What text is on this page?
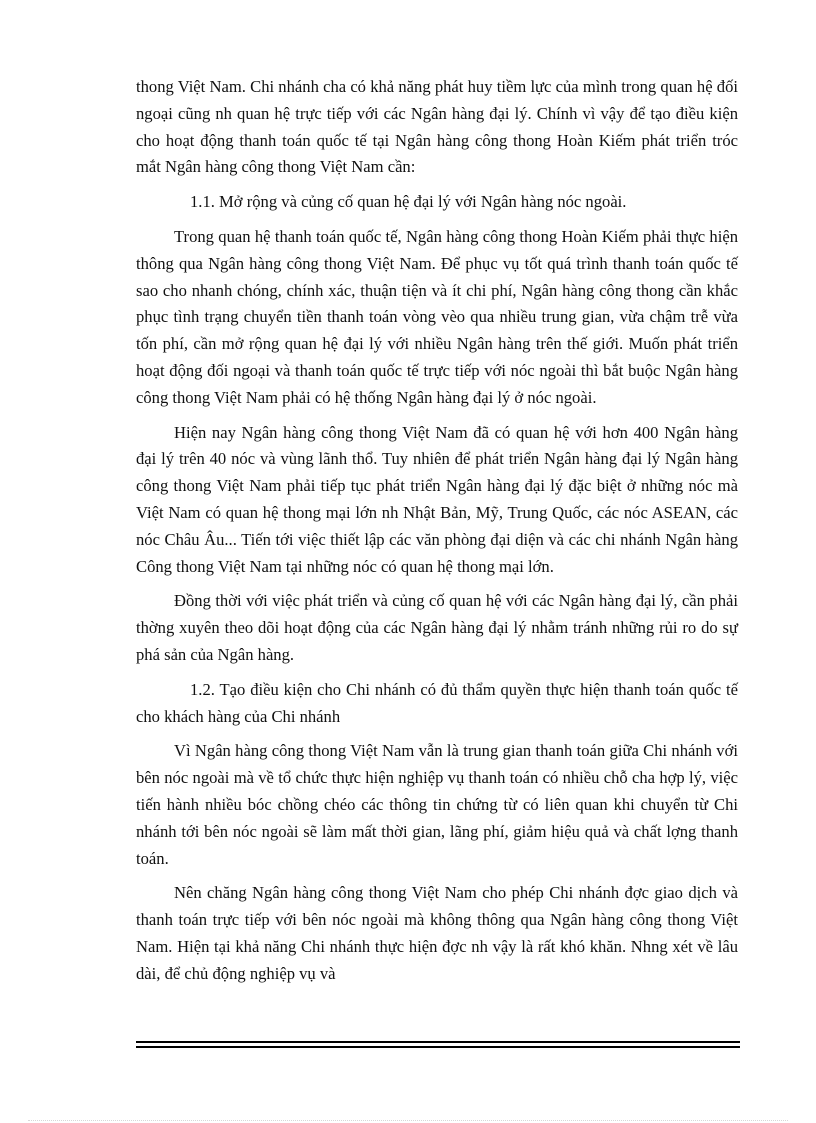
thong Việt Nam. Chi nhánh cha có khả năng phát huy tiềm lực của mình trong quan hệ đối ngoại cũng nh quan hệ trực tiếp với các Ngân hàng đại lý. Chính vì vậy để tạo điều kiện cho hoạt động thanh toán quốc tế tại Ngân hàng công thong Hoàn Kiếm phát triển tróc mắt Ngân hàng công thong Việt Nam cần:

1.1. Mở rộng và củng cố quan hệ đại lý với Ngân hàng nóc ngoài.

Trong quan hệ thanh toán quốc tế, Ngân hàng công thong Hoàn Kiếm phải thực hiện thông qua Ngân hàng công thong Việt Nam. Để phục vụ tốt quá trình thanh toán quốc tế sao cho nhanh chóng, chính xác, thuận tiện và ít chi phí, Ngân hàng công thong cần khắc phục tình trạng chuyển tiền thanh toán vòng vèo qua nhiều trung gian, vừa chậm trễ vừa tốn phí, cần mở rộng quan hệ đại lý với nhiều Ngân hàng trên thế giới. Muốn phát triển hoạt động đối ngoại và thanh toán quốc tế trực tiếp với nóc ngoài thì bắt buộc Ngân hàng công thong Việt Nam phải có hệ thống Ngân hàng đại lý ở nóc ngoài.

Hiện nay Ngân hàng công thong Việt Nam đã có quan hệ với hơn 400 Ngân hàng đại lý trên 40 nóc và vùng lãnh thổ. Tuy nhiên để phát triển Ngân hàng đại lý Ngân hàng công thong Việt Nam phải tiếp tục phát triển Ngân hàng đại lý đặc biệt ở những nóc mà Việt Nam có quan hệ thong mại lớn nh Nhật Bản, Mỹ, Trung Quốc, các nóc ASEAN, các nóc Châu Âu... Tiến tới việc thiết lập các văn phòng đại diện và các chi nhánh Ngân hàng Công thong Việt Nam tại những nóc có quan hệ thong mại lớn.

Đồng thời với việc phát triển và củng cố quan hệ với các Ngân hàng đại lý, cần phải thờng xuyên theo dõi hoạt động của các Ngân hàng đại lý nhằm tránh những rủi ro do sự phá sản của Ngân hàng.

1.2. Tạo điều kiện cho Chi nhánh có đủ thẩm quyền thực hiện thanh toán quốc tế cho khách hàng của Chi nhánh

Vì Ngân hàng công thong Việt Nam vẫn là trung gian thanh toán giữa Chi nhánh với bên nóc ngoài mà về tổ chức thực hiện nghiệp vụ thanh toán có nhiều chỗ cha hợp lý, việc tiến hành nhiều bóc chồng chéo các thông tin chứng từ có liên quan khi chuyển từ Chi nhánh tới bên nóc ngoài sẽ làm mất thời gian, lãng phí, giảm hiệu quả và chất lợng thanh toán.

Nên chăng Ngân hàng công thong Việt Nam cho phép Chi nhánh đợc giao dịch và thanh toán trực tiếp với bên nóc ngoài mà không thông qua Ngân hàng công thong Việt Nam. Hiện tại khả năng Chi nhánh thực hiện đợc nh vậy là rất khó khăn. Nhng xét về lâu dài, để chủ động nghiệp vụ và
